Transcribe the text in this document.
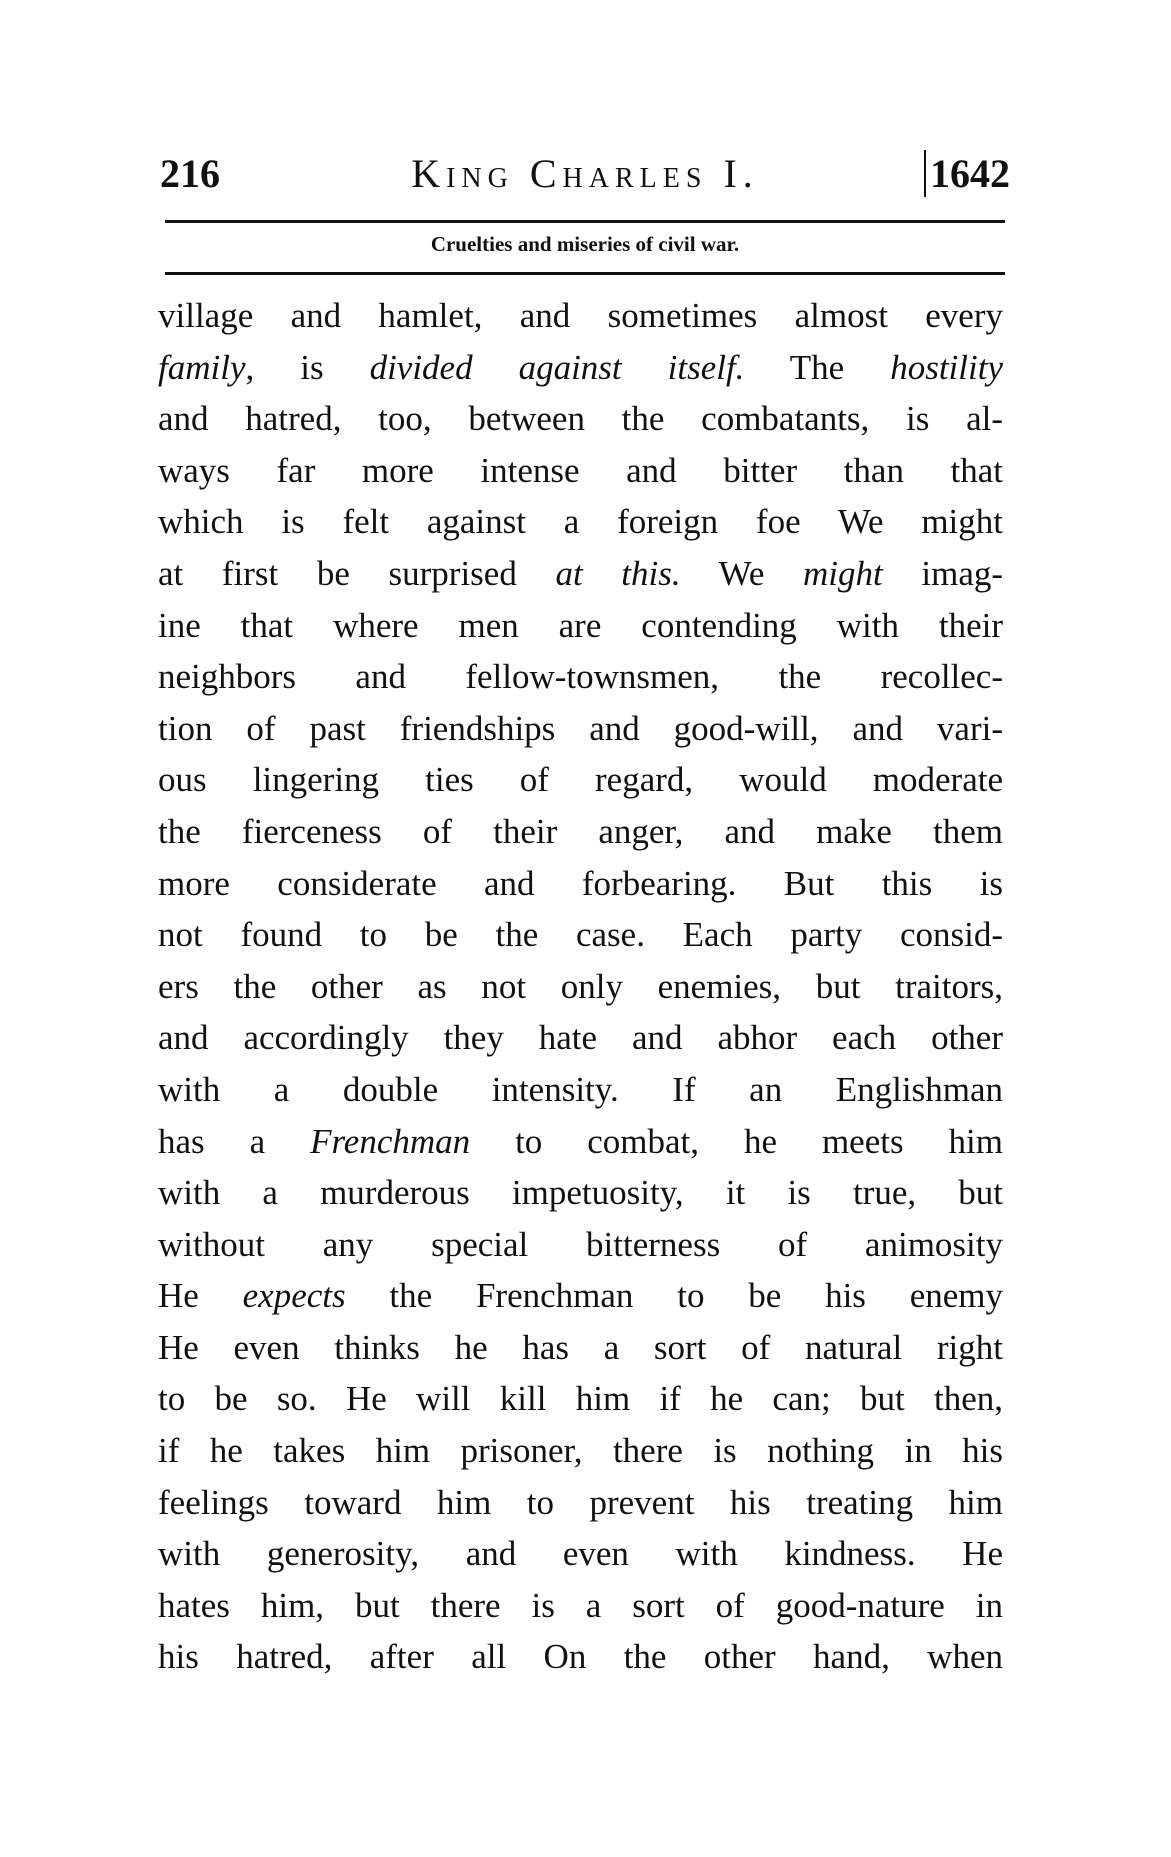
216	King Charles I.	1642
Cruelties and miseries of civil war.
village and hamlet, and sometimes almost every
family, is divided against itself. The hostility
and hatred, too, between the combatants, is al-
ways far more intense and bitter than that
which is felt against a foreign foe We might
at first be surprised at this. We might imag-
ine that where men are contending with their
neighbors and fellow-townsmen, the recollec-
tion of past friendships and good-will, and vari-
ous lingering ties of regard, would moderate
the fierceness of their anger, and make them
more considerate and forbearing. But this is
not found to be the case. Each party consid-
ers the other as not only enemies, but traitors,
and accordingly they hate and abhor each other
with a double intensity. If an Englishman
has a Frenchman to combat, he meets him
with a murderous impetuosity, it is true, but
without any special bitterness of animosity
He expects the Frenchman to be his enemy
He even thinks he has a sort of natural right
to be so. He will kill him if he can; but then,
if he takes him prisoner, there is nothing in his
feelings toward him to prevent his treating him
with generosity, and even with kindness. He
hates him, but there is a sort of good-nature in
his hatred, after all On the other hand, when
